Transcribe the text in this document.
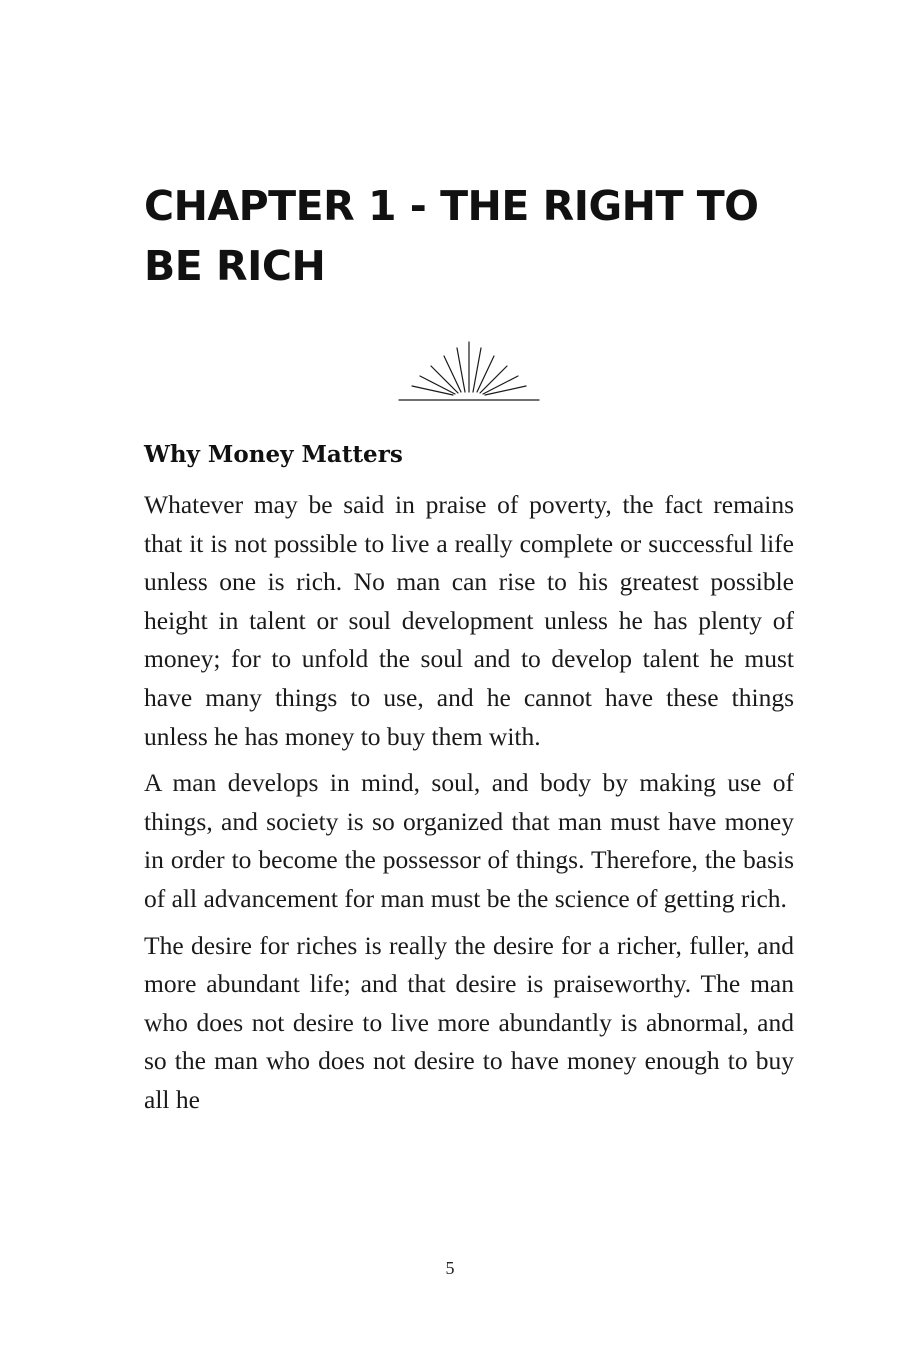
CHAPTER 1 - THE RIGHT TO BE RICH
Why Money Matters

Whatever may be said in praise of poverty, the fact remains that it is not possible to live a really complete or successful life unless one is rich. No man can rise to his greatest possible height in talent or soul development unless he has plenty of money; for to unfold the soul and to develop talent he must have many things to use, and he cannot have these things unless he has money to buy them with.

A man develops in mind, soul, and body by making use of things, and society is so organized that man must have money in order to become the possessor of things. Therefore, the basis of all advancement for man must be the science of getting rich.

The desire for riches is really the desire for a richer, fuller, and more abundant life; and that desire is praiseworthy. The man who does not desire to live more abundantly is abnormal, and so the man who does not desire to have money enough to buy all he

5
